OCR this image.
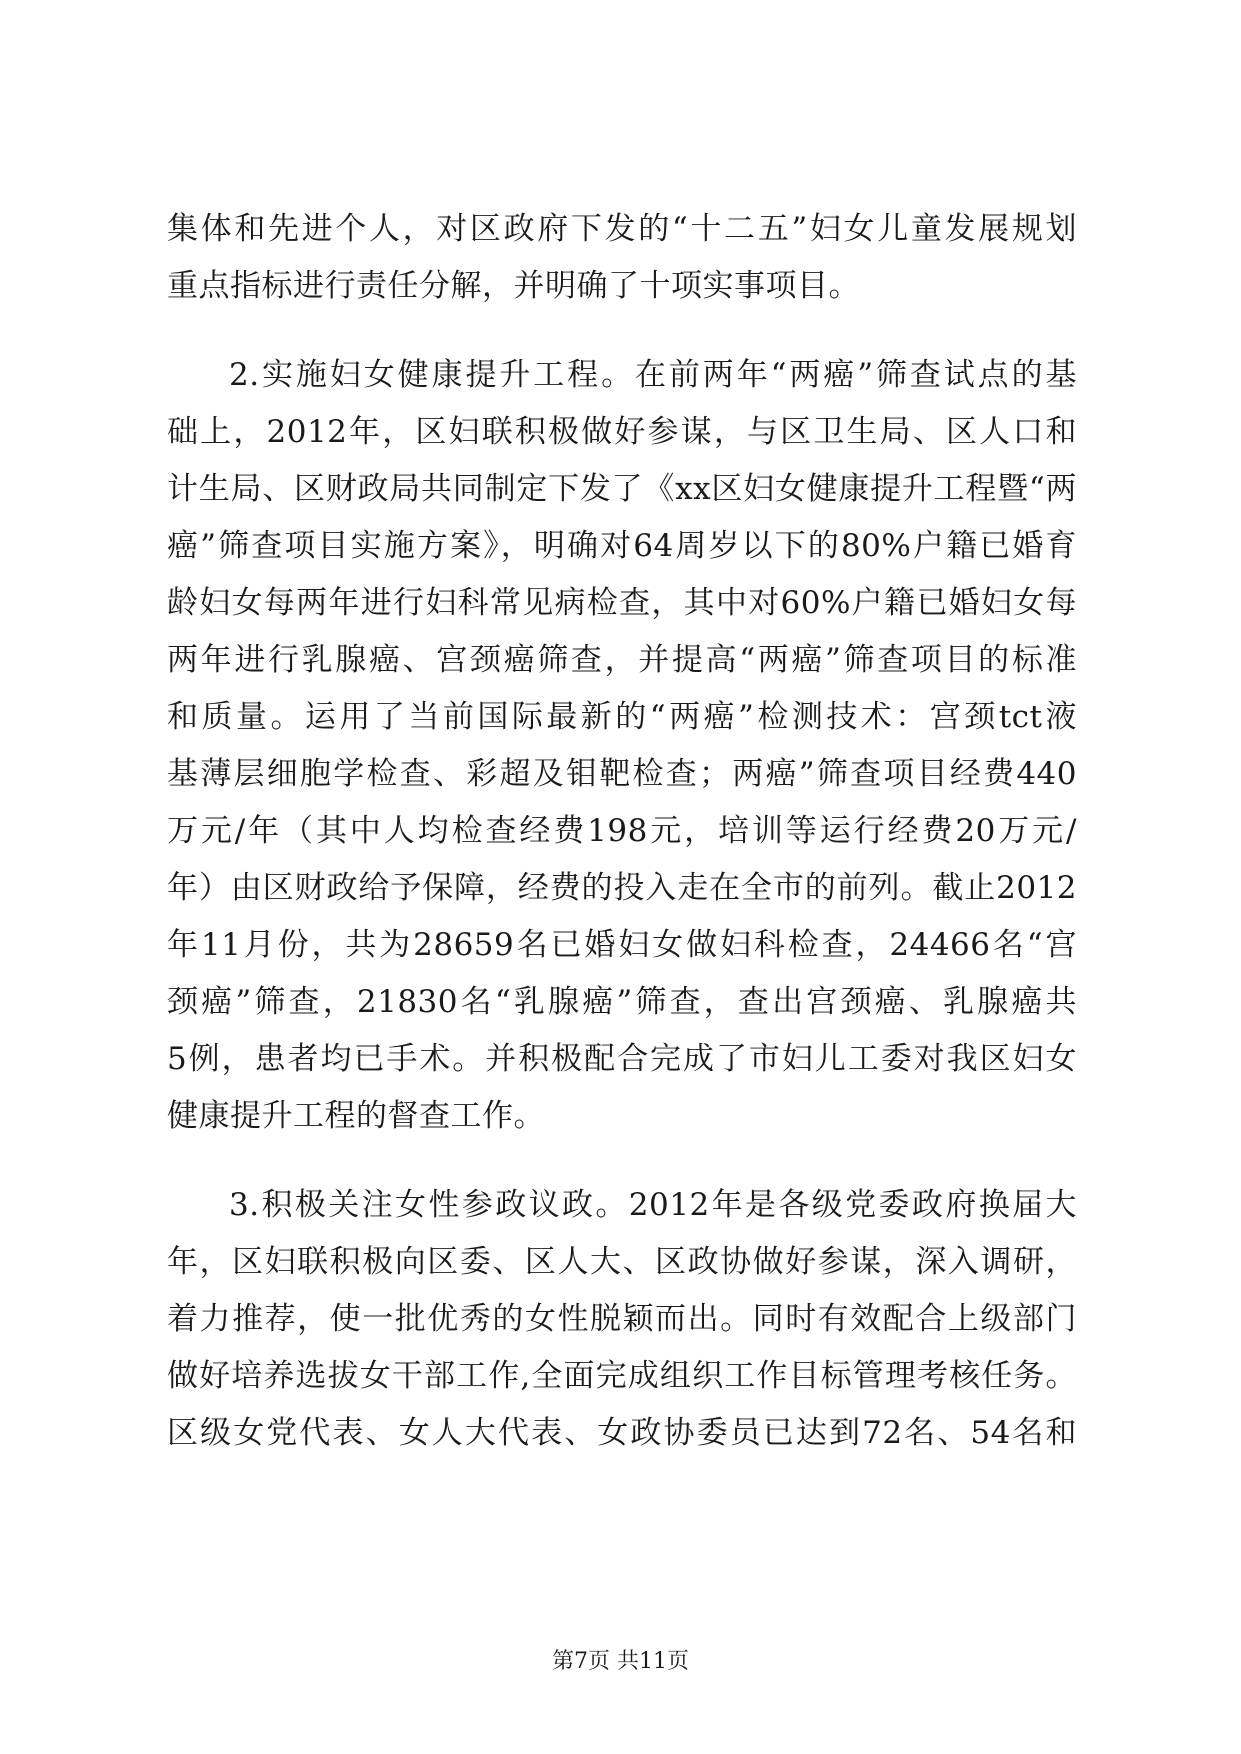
集体和先进个人，对区政府下发的“十二五”妇女儿童发展规划
重点指标进行责任分解，并明确了十项实事项目。
2.实施妇女健康提升工程。在前两年“两癌”筛查试点的基
础上，2012年，区妇联积极做好参谋，与区卫生局、区人口和
计生局、区财政局共同制定下发了《xx区妇女健康提升工程暨“两
癌”筛查项目实施方案》，明确对64周岁以下的80%户籍已婚育
龄妇女每两年进行妇科常见病检查，其中对60%户籍已婚妇女每
两年进行乳腺癌、宫颈癌筛查，并提高“两癌”筛查项目的标准
和质量。运用了当前国际最新的“两癌”检测技术：宫颈tct液
基薄层细胞学检查、彩超及钼靶检查；两癌”筛查项目经费440
万元/年（其中人均检查经费198元，培训等运行经费20万元/
年）由区财政给予保障，经费的投入走在全市的前列。截止2012
年11月份，共为28659名已婚妇女做妇科检查，24466名“宫
颈癌”筛查，21830名“乳腺癌”筛查，查出宫颈癌、乳腺癌共
5例，患者均已手术。并积极配合完成了市妇儿工委对我区妇女
健康提升工程的督查工作。
3.积极关注女性参政议政。2012年是各级党委政府换届大
年，区妇联积极向区委、区人大、区政协做好参谋，深入调研，
着力推荐，使一批优秀的女性脱颖而出。同时有效配合上级部门
做好培养选拔女干部工作,全面完成组织工作目标管理考核任务。
区级女党代表、女人大代表、女政协委员已达到72名、54名和
第7页 共11页
